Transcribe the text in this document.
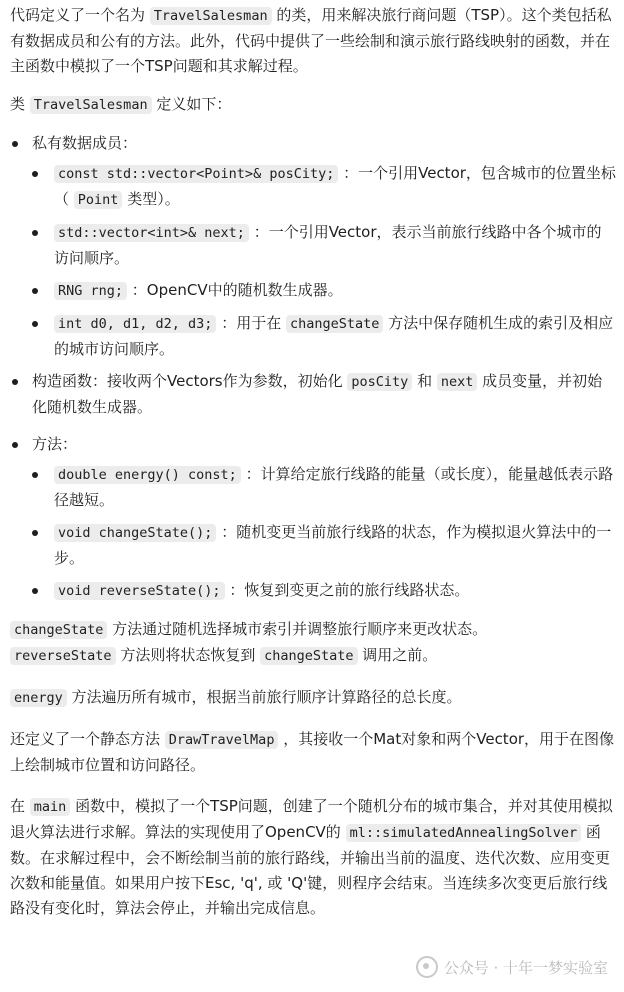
代码定义了一个名为 TravelSalesman 的类，用来解决旅行商问题（TSP）。这个类包括私有数据成员和公有的方法。此外，代码中提供了一些绘制和演示旅行路线映射的函数，并在主函数中模拟了一个TSP问题和其求解过程。

类 TravelSalesman 定义如下：

私有数据成员：
const std::vector<Point>& posCity; ：一个引用Vector，包含城市的位置坐标（ Point 类型）。
std::vector<int>& next; ：一个引用Vector，表示当前旅行线路中各个城市的访问顺序。
RNG rng; ：OpenCV中的随机数生成器。
int d0, d1, d2, d3; ：用于在 changeState 方法中保存随机生成的索引及相应的城市访问顺序。
构造函数：接收两个Vectors作为参数，初始化 posCity 和 next 成员变量，并初始化随机数生成器。
方法：
double energy() const; ：计算给定旅行线路的能量（或长度），能量越低表示路径越短。
void changeState(); ：随机变更当前旅行线路的状态，作为模拟退火算法中的一步。
void reverseState(); ：恢复到变更之前的旅行线路状态。

changeState 方法通过随机选择城市索引并调整旅行顺序来更改状态。
reverseState 方法则将状态恢复到 changeState 调用之前。

energy 方法遍历所有城市，根据当前旅行顺序计算路径的总长度。

还定义了一个静态方法 DrawTravelMap ，其接收一个Mat对象和两个Vector，用于在图像上绘制城市位置和访问路径。

在 main 函数中，模拟了一个TSP问题，创建了一个随机分布的城市集合，并对其使用模拟退火算法进行求解。算法的实现使用了OpenCV的 ml::simulatedAnnealingSolver 函数。在求解过程中，会不断绘制当前的旅行路线，并输出当前的温度、迭代次数、应用变更次数和能量值。如果用户按下Esc, 'q', 或 'Q'键，则程序会结束。当连续多次变更后旅行线路没有变化时，算法会停止，并输出完成信息。

公众号 · 十年一梦实验室
